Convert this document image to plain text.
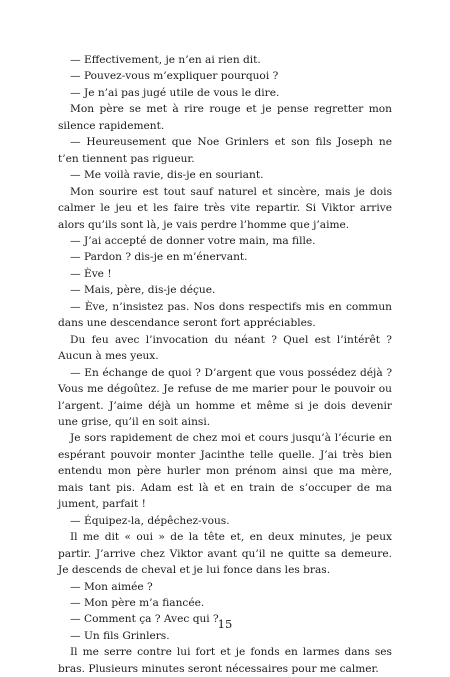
— Effectivement, je n’en ai rien dit.

— Pouvez-vous m’expliquer pourquoi ?

— Je n’ai pas jugé utile de vous le dire.

Mon père se met à rire rouge et je pense regretter mon silence rapidement.

— Heureusement que Noe Grinlers et son fils Joseph ne t’en tiennent pas rigueur.

— Me voilà ravie, dis-je en souriant.

Mon sourire est tout sauf naturel et sincère, mais je dois calmer le jeu et les faire très vite repartir. Si Viktor arrive alors qu’ils sont là, je vais perdre l’homme que j’aime.

— J’ai accepté de donner votre main, ma fille.

— Pardon ? dis-je en m’énervant.

— Ève !

— Mais, père, dis-je déçue.

— Ève, n’insistez pas. Nos dons respectifs mis en commun dans une descendance seront fort appréciables.

Du feu avec l’invocation du néant ? Quel est l’intérêt ? Aucun à mes yeux.

— En échange de quoi ? D’argent que vous possédez déjà ? Vous me dégoûtez. Je refuse de me marier pour le pouvoir ou l’argent. J’aime déjà un homme et même si je dois devenir une grise, qu’il en soit ainsi.

Je sors rapidement de chez moi et cours jusqu’à l’écurie en espérant pouvoir monter Jacinthe telle quelle. J’ai très bien entendu mon père hurler mon prénom ainsi que ma mère, mais tant pis. Adam est là et en train de s’occuper de ma jument, parfait !

— Équipez-la, dépêchez-vous.

Il me dit « oui » de la tête et, en deux minutes, je peux partir. J’arrive chez Viktor avant qu’il ne quitte sa demeure. Je descends de cheval et je lui fonce dans les bras.

— Mon aimée ?

— Mon père m’a fiancée.

— Comment ça ? Avec qui ?

— Un fils Grinlers.

Il me serre contre lui fort et je fonds en larmes dans ses bras. Plusieurs minutes seront nécessaires pour me calmer.

15
